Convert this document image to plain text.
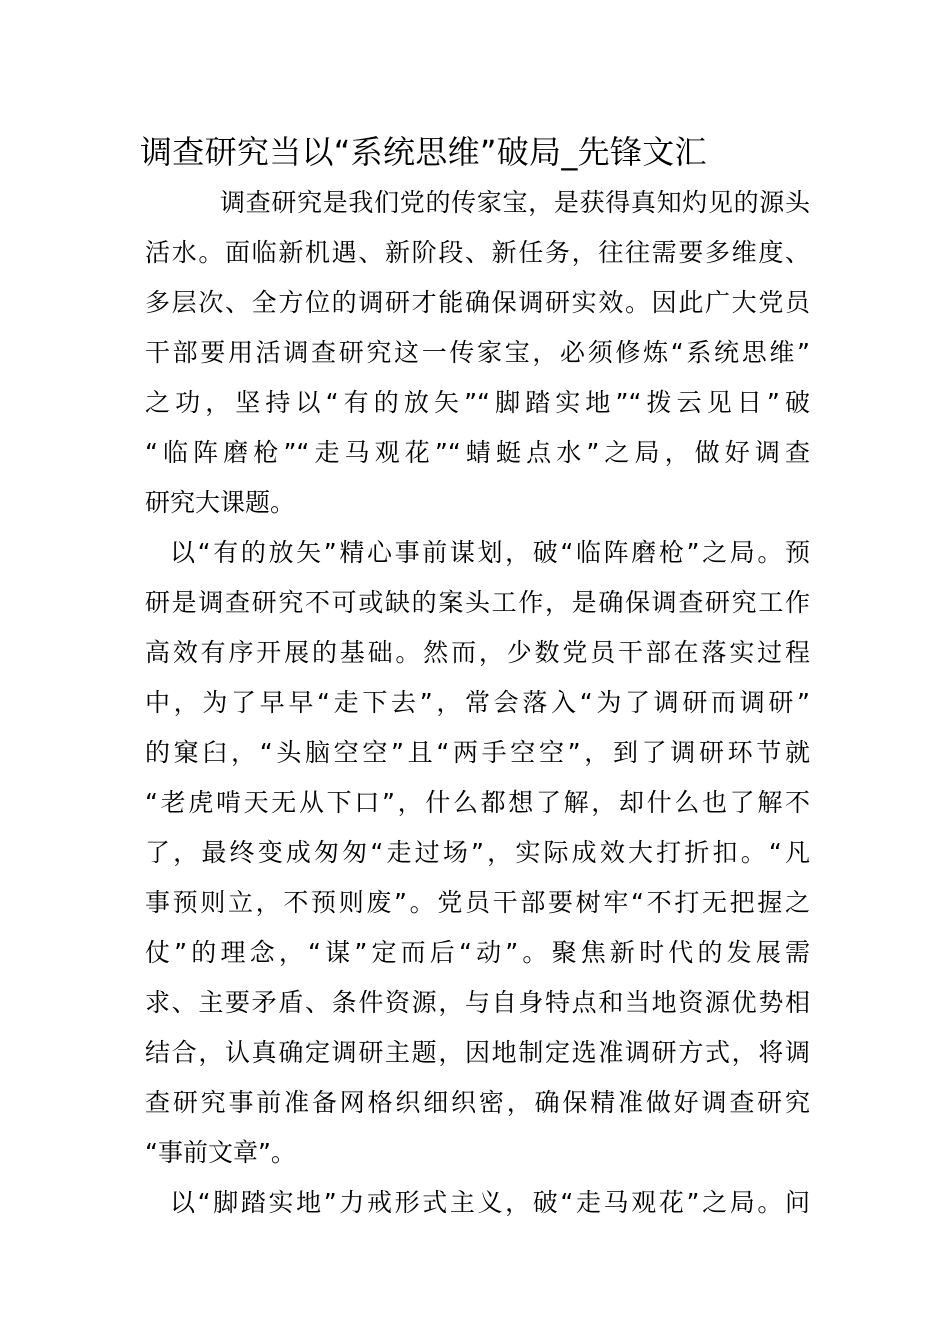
调查研究当以“系统思维”破局_先锋文汇
调查研究是我们党的传家宝，是获得真知灼见的源头
活水。面临新机遇、新阶段、新任务，往往需要多维度、
多层次、全方位的调研才能确保调研实效。因此广大党员
干部要用活调查研究这一传家宝，必须修炼“系统思维”
之功，坚持以“有的放矢”“脚踏实地”“拨云见日”破
“临阵磨枪”“走马观花”“蜻蜓点水”之局，做好调查
研究大课题。
以“有的放矢”精心事前谋划，破“临阵磨枪”之局。预
研是调查研究不可或缺的案头工作，是确保调查研究工作
高效有序开展的基础。然而，少数党员干部在落实过程
中，为了早早“走下去”，常会落入“为了调研而调研”
的窠臼，“头脑空空”且“两手空空”，到了调研环节就
“老虎啃天无从下口”，什么都想了解，却什么也了解不
了，最终变成匆匆“走过场”，实际成效大打折扣。“凡
事预则立，不预则废”。党员干部要树牢“不打无把握之
仗”的理念，“谋”定而后“动”。聚焦新时代的发展需
求、主要矛盾、条件资源，与自身特点和当地资源优势相
结合，认真确定调研主题，因地制定选准调研方式，将调
查研究事前准备网格织细织密，确保精准做好调查研究
“事前文章”。
以“脚踏实地”力戒形式主义，破“走马观花”之局。问
